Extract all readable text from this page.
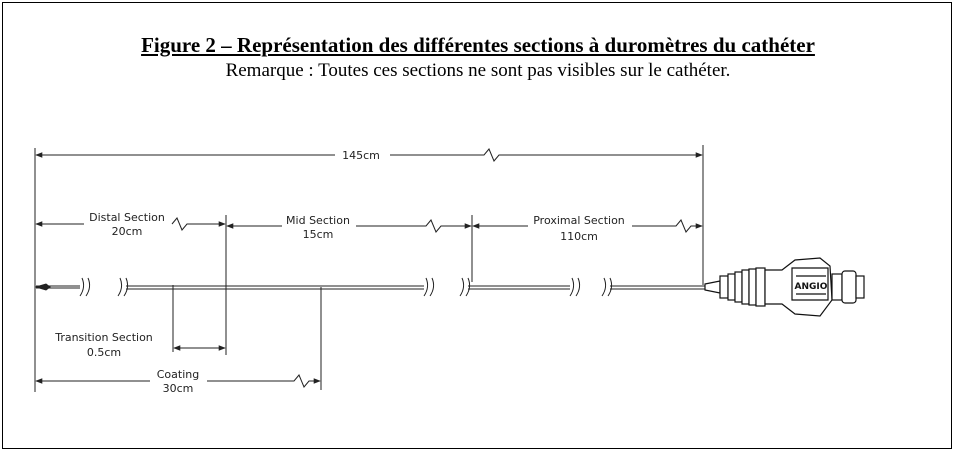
Figure 2 – Représentation des différentes sections à duromètres du cathéter
Remarque : Toutes ces sections ne sont pas visibles sur le cathéter.
ANGIO
145cm
Distal Section
20cm
Mid Section
15cm
Proximal Section
110cm
Transition Section
0.5cm
Coating
30cm
